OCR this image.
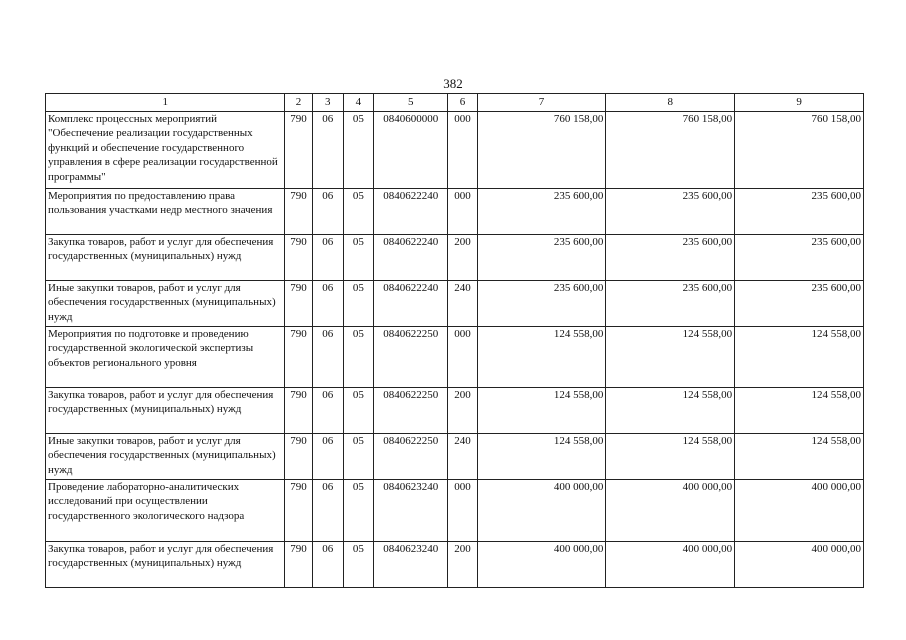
382
1	2	3	4	5	6	7	8	9
Комплекс процессных мероприятий "Обеспечение реализации государственных функций и обеспечение государственного управления в сфере реализации государственной программы"	790	06	05	0840600000	000	760 158,00	760 158,00	760 158,00
Мероприятия по предоставлению права пользования участками недр местного значения	790	06	05	0840622240	000	235 600,00	235 600,00	235 600,00
Закупка товаров, работ и услуг для обеспечения государственных (муниципальных) нужд	790	06	05	0840622240	200	235 600,00	235 600,00	235 600,00
Иные закупки товаров, работ и услуг для обеспечения государственных (муниципальных) нужд	790	06	05	0840622240	240	235 600,00	235 600,00	235 600,00
Мероприятия по подготовке и проведению государственной экологической экспертизы объектов регионального уровня	790	06	05	0840622250	000	124 558,00	124 558,00	124 558,00
Закупка товаров, работ и услуг для обеспечения государственных (муниципальных) нужд	790	06	05	0840622250	200	124 558,00	124 558,00	124 558,00
Иные закупки товаров, работ и услуг для обеспечения государственных (муниципальных) нужд	790	06	05	0840622250	240	124 558,00	124 558,00	124 558,00
Проведение лабораторно-аналитических исследований при осуществлении государственного экологического надзора	790	06	05	0840623240	000	400 000,00	400 000,00	400 000,00
Закупка товаров, работ и услуг для обеспечения государственных (муниципальных) нужд	790	06	05	0840623240	200	400 000,00	400 000,00	400 000,00
